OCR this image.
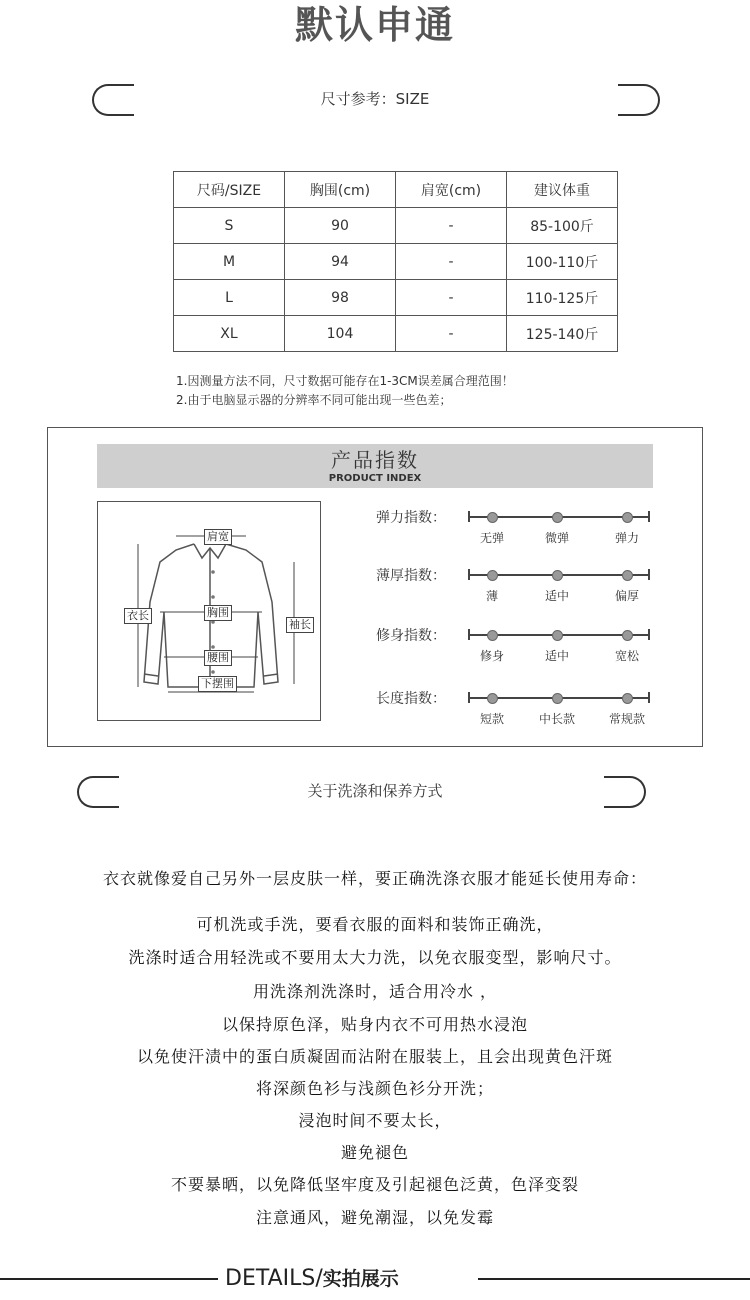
默认申通
尺寸参考：SIZE
尺码/SIZE	胸围(cm)	肩宽(cm)	建议体重
S	90	-	85-100斤
M	94	-	100-110斤
L	98	-	110-125斤
XL	104	-	125-140斤
1.因测量方法不同，尺寸数据可能存在1-3CM误差属合理范围！
2.由于电脑显示器的分辨率不同可能出现一些色差；
产品指数
PRODUCT INDEX
肩宽
衣长	胸围
袖长
腰围
下摆围
弹力指数：
无弹	微弹	弹力
薄厚指数：
薄	适中	偏厚
修身指数：
修身	适中	宽松
长度指数：
短款	中长款	常规款
关于洗涤和保养方式
衣衣就像爱自己另外一层皮肤一样，要正确洗涤衣服才能延长使用寿命：
可机洗或手洗，要看衣服的面料和装饰正确洗，
洗涤时适合用轻洗或不要用太大力洗，以免衣服变型，影响尺寸。
用洗涤剂洗涤时，适合用冷水 ，
以保持原色泽，贴身内衣不可用热水浸泡
以免使汗渍中的蛋白质凝固而沾附在服装上，且会出现黄色汗斑
将深颜色衫与浅颜色衫分开洗；
浸泡时间不要太长，
避免褪色
不要暴晒，以免降低坚牢度及引起褪色泛黄，色泽变裂
注意通风，避免潮湿，以免发霉
DETAILS/实拍展示
